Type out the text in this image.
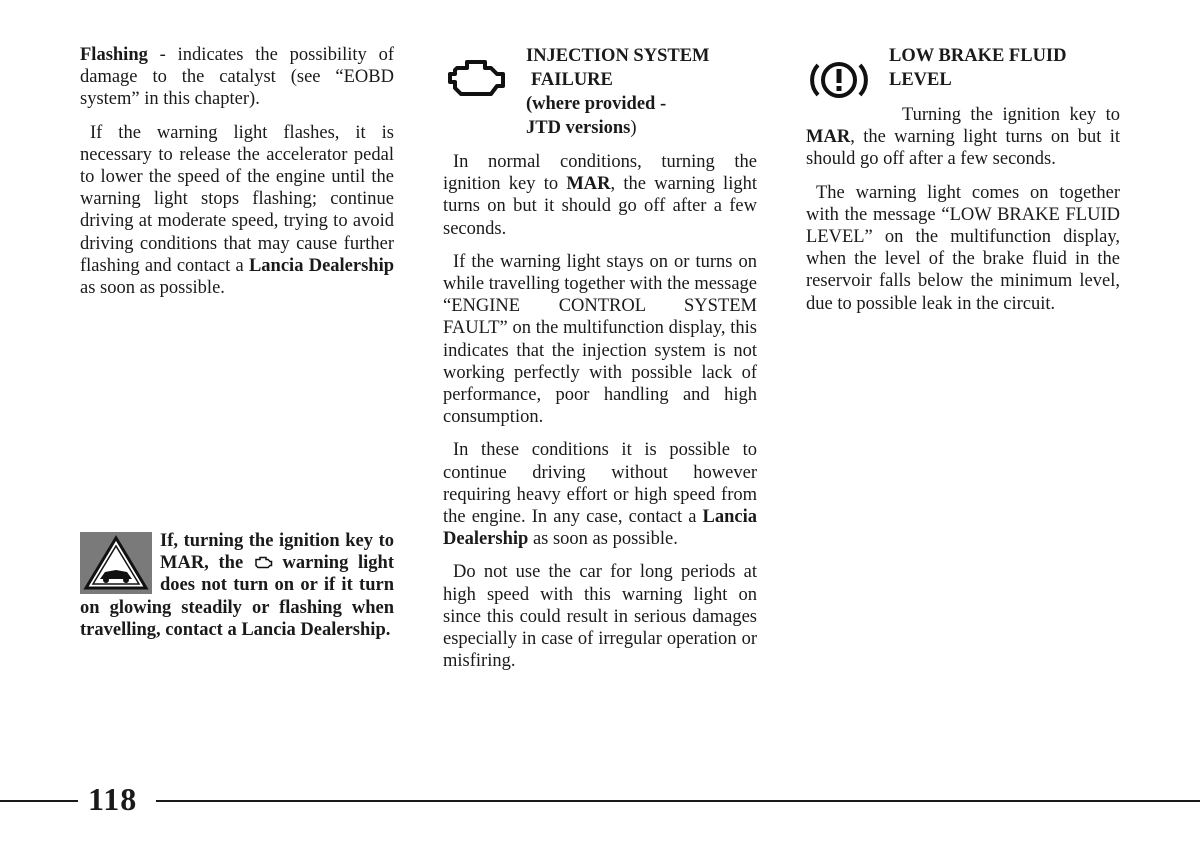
Flashing - indicates the possibility of damage to the catalyst (see “EOBD system” in this chapter).

If the warning light flashes, it is necessary to release the accelerator pedal to lower the speed of the engine until the warning light stops flashing; continue driving at moderate speed, trying to avoid driving conditions that may cause further flashing and contact a Lancia Dealership as soon as possible.

If, turning the ignition key to MAR, the  warning light does not turn on or if it turn on glowing steadily or flashing when travelling, contact a Lancia Dealership.
INJECTION SYSTEM
FAILURE
(where provided -
JTD versions)

In normal conditions, turning the ignition key to MAR, the warning light turns on but it should go off after a few seconds.

If the warning light stays on or turns on while travelling together with the message “ENGINE CONTROL SYSTEM FAULT” on the multifunction display, this indicates that the injection system is not working perfectly with possible lack of performance, poor handling and high consumption.

In these conditions it is possible to continue driving without however requiring heavy effort or high speed from the engine. In any case, contact a Lancia Dealership as soon as possible.

Do not use the car for long periods at high speed with this warning light on since this could result in serious damages especially in case of irregular operation or misfiring.

LOW BRAKE FLUID
LEVEL

Turning the ignition key to MAR, the warning light turns on but it should go off after a few seconds.

The warning light comes on together with the message “LOW BRAKE FLUID LEVEL” on the multifunction display, when the level of the brake fluid in the reservoir falls below the minimum level, due to possible leak in the circuit.

118
